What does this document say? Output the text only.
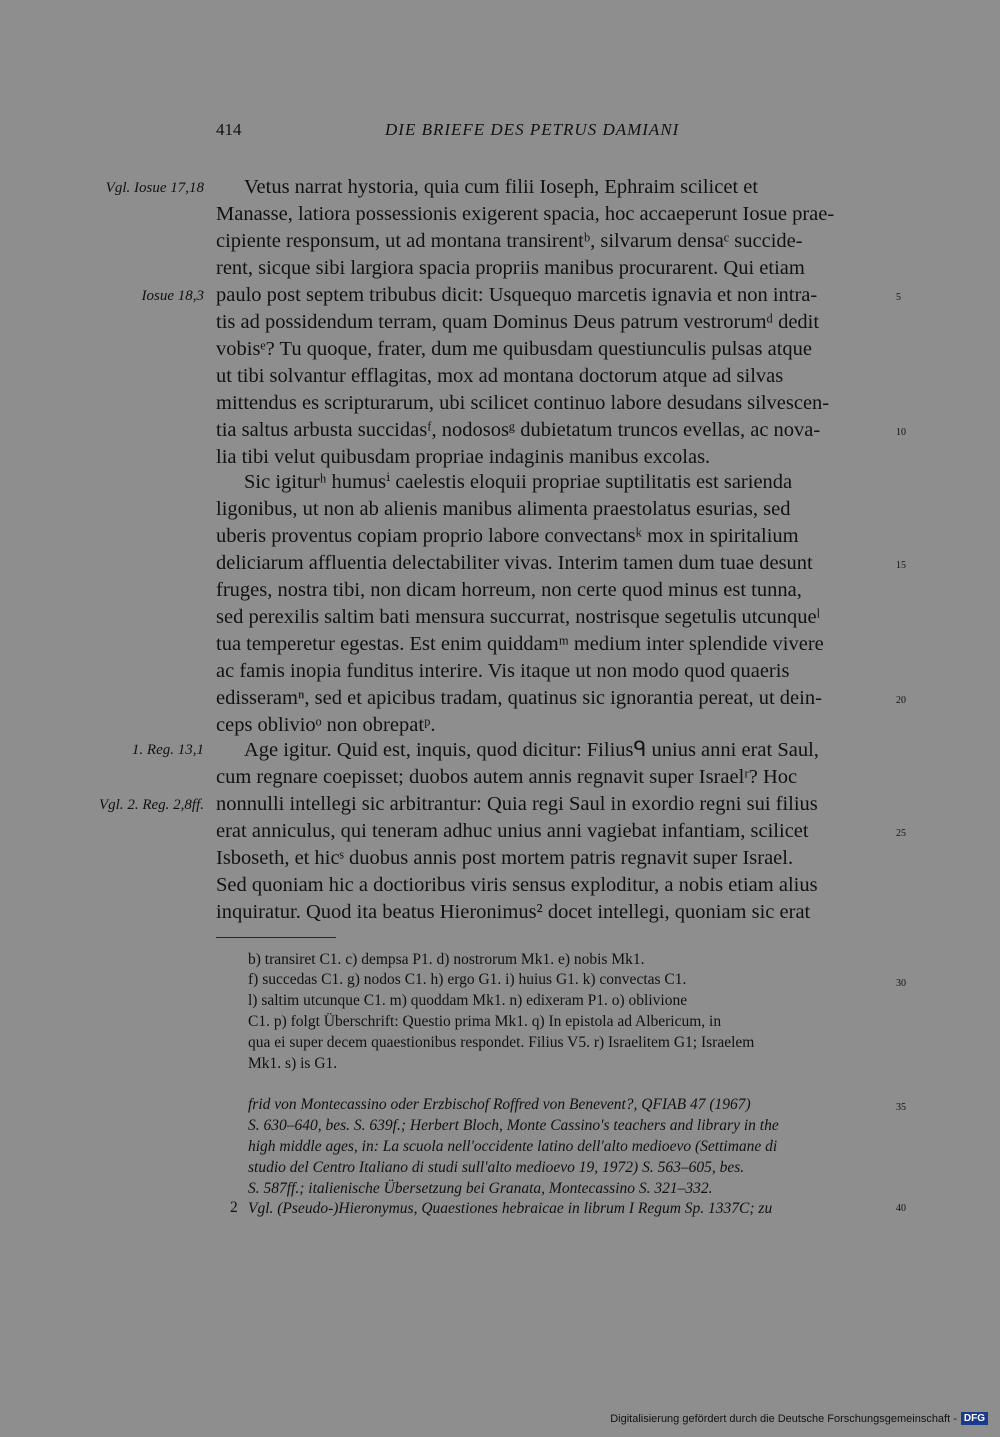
414	DIE BRIEFE DES PETRUS DAMIANI
Vgl. Iosue 17,18
Iosue 18,3
1. Reg. 13,1
Vgl. 2. Reg. 2,8ff.
Vetus narrat hystoria, quia cum filii Ioseph, Ephraim scilicet et
Manasse, latiora possessionis exigerent spacia, hoc accaeperunt Iosue prae-
cipiente responsum, ut ad montana transirentᵇ, silvarum densaᶜ succide-
rent, sicque sibi largiora spacia propriis manibus procurarent. Qui etiam
paulo post septem tribubus dicit: Usquequo marcetis ignavia et non intra-
tis ad possidendum terram, quam Dominus Deus patrum vestrorumᵈ dedit
vobisᵉ? Tu quoque, frater, dum me quibusdam questiunculis pulsas atque
ut tibi solvantur efflagitas, mox ad montana doctorum atque ad silvas
mittendus es scripturarum, ubi scilicet continuo labore desudans silvescen-
tia saltus arbusta succidasᶠ, nodososᵍ dubietatum truncos evellas, ac nova-
lia tibi velut quibusdam propriae indaginis manibus excolas.
Sic igiturʰ humusⁱ caelestis eloquii propriae suptilitatis est sarienda
ligonibus, ut non ab alienis manibus alimenta praestolatus esurias, sed
uberis proventus copiam proprio labore convectansᵏ mox in spiritalium
deliciarum affluentia delectabiliter vivas. Interim tamen dum tuae desunt
fruges, nostra tibi, non dicam horreum, non certe quod minus est tunna,
sed perexilis saltim bati mensura succurrat, nostrisque segetulis utcunqueˡ
tua temperetur egestas. Est enim quiddamᵐ medium inter splendide vivere
ac famis inopia funditus interire. Vis itaque ut non modo quod quaeris
edisseramⁿ, sed et apicibus tradam, quatinus sic ignorantia pereat, ut dein-
ceps oblivioᵒ non obrepatᵖ.
Age igitur. Quid est, inquis, quod dicitur: Filiusᑫ unius anni erat Saul,
cum regnare coepisset; duobos autem annis regnavit super Israelʳ? Hoc
nonnulli intellegi sic arbitrantur: Quia regi Saul in exordio regni sui filius
erat anniculus, qui teneram adhuc unius anni vagiebat infantiam, scilicet
Isboseth, et hicˢ duobus annis post mortem patris regnavit super Israel.
Sed quoniam hic a doctioribus viris sensus exploditur, a nobis etiam alius
inquiratur. Quod ita beatus Hieronimus² docet intellegi, quoniam sic erat
5
10
15
20
25
30
35
40
b) transiret C1. c) dempsa P1. d) nostrorum Mk1. e) nobis Mk1.
f) succedas C1. g) nodos C1. h) ergo G1. i) huius G1. k) convectas C1.
l) saltim utcunque C1. m) quoddam Mk1. n) edixeram P1. o) oblivione
C1. p) folgt Überschrift: Questio prima Mk1. q) In epistola ad Albericum, in
qua ei super decem quaestionibus respondet. Filius V5. r) Israelitem G1; Israelem
Mk1. s) is G1.
frid von Montecassino oder Erzbischof Roffred von Benevent?, QFIAB 47 (1967)
S. 630–640, bes. S. 639f.; Herbert Bloch, Monte Cassino's teachers and library in the
high middle ages, in: La scuola nell'occidente latino dell'alto medioevo (Settimane di
studio del Centro Italiano di studi sull'alto medioevo 19, 1972) S. 563–605, bes.
S. 587ff.; italienische Übersetzung bei Granata, Montecassino S. 321–332.
2 Vgl. (Pseudo-)Hieronymus, Quaestiones hebraicae in librum I Regum Sp. 1337C; zu
Digitalisierung gefördert durch die Deutsche Forschungsgemeinschaft - DFG
